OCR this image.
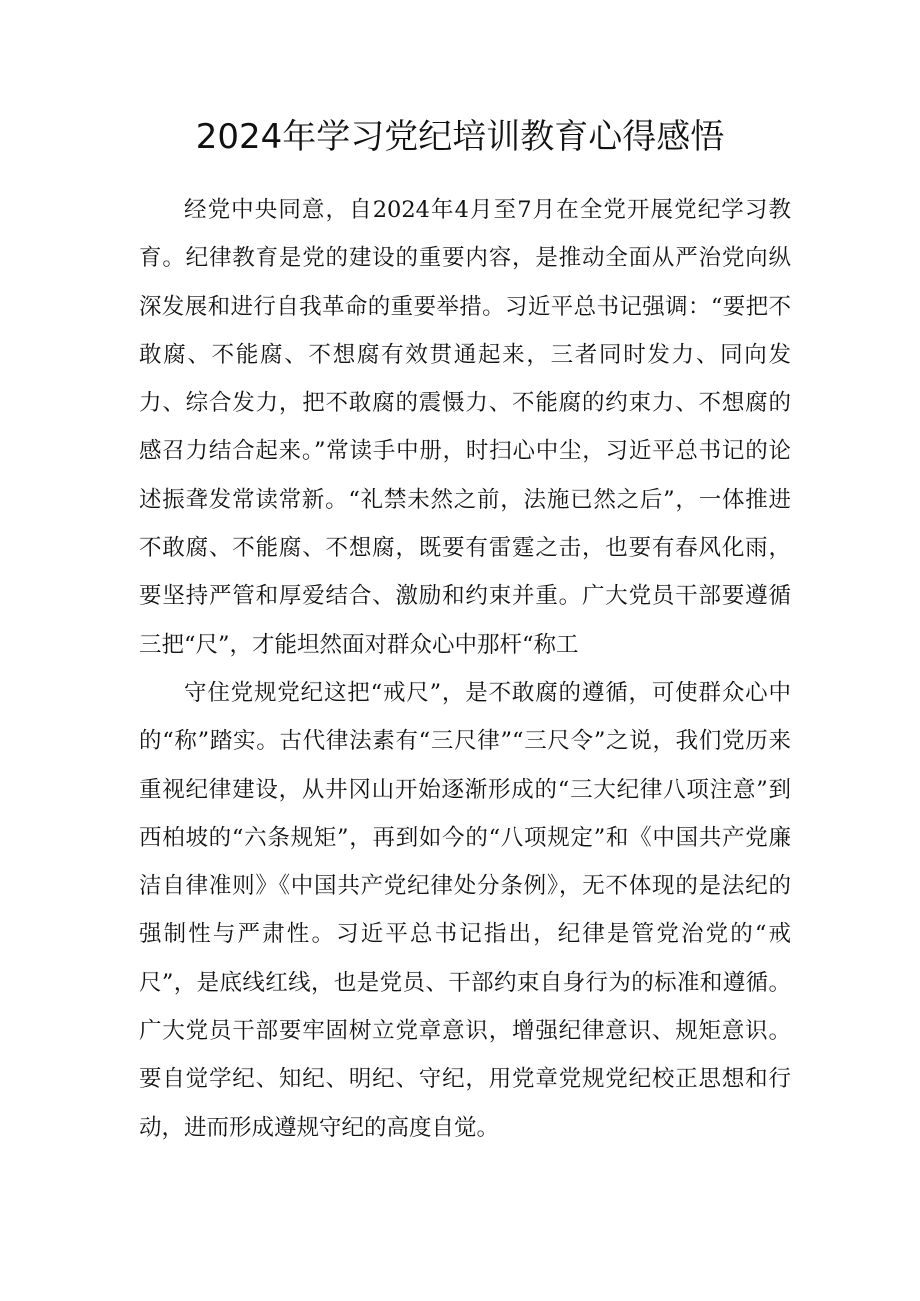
2024年学习党纪培训教育心得感悟

经党中央同意，自2024年4月至7月在全党开展党纪学习教育。纪律教育是党的建设的重要内容，是推动全面从严治党向纵深发展和进行自我革命的重要举措。习近平总书记强调：“要把不敢腐、不能腐、不想腐有效贯通起来，三者同时发力、同向发力、综合发力，把不敢腐的震慑力、不能腐的约束力、不想腐的感召力结合起来。”常读手中册，时扫心中尘，习近平总书记的论述振聋发常读常新。“礼禁未然之前，法施已然之后”，一体推进不敢腐、不能腐、不想腐，既要有雷霆之击，也要有春风化雨，要坚持严管和厚爱结合、激励和约束并重。广大党员干部要遵循三把“尺”，才能坦然面对群众心中那杆“称工

守住党规党纪这把“戒尺”，是不敢腐的遵循，可使群众心中的“称”踏实。古代律法素有“三尺律”“三尺令”之说，我们党历来重视纪律建设，从井冈山开始逐渐形成的“三大纪律八项注意”到西柏坡的“六条规矩”，再到如今的“八项规定”和《中国共产党廉洁自律准则》《中国共产党纪律处分条例》，无不体现的是法纪的强制性与严肃性。习近平总书记指出，纪律是管党治党的“戒尺”，是底线红线，也是党员、干部约束自身行为的标准和遵循。广大党员干部要牢固树立党章意识，增强纪律意识、规矩意识。要自觉学纪、知纪、明纪、守纪，用党章党规党纪校正思想和行动，进而形成遵规守纪的高度自觉。
